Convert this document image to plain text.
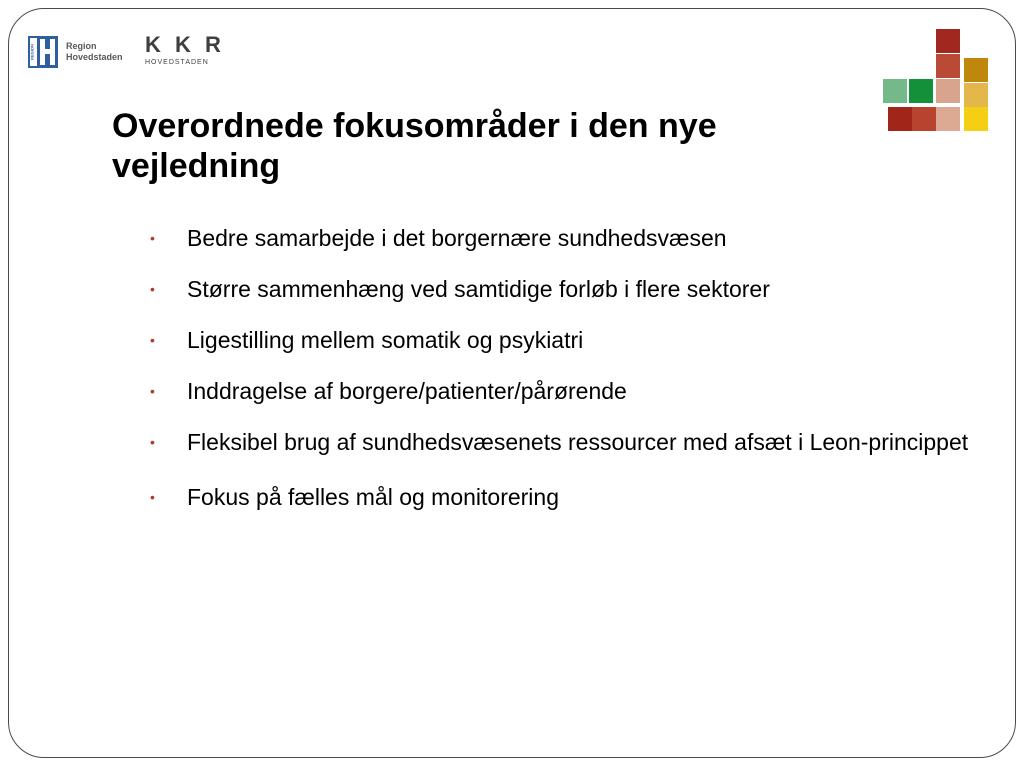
REGION	Region
Hovedstaden K K R
HOVEDSTADEN
Overordnede fokusområder i den nye vejledning
• Bedre samarbejde i det borgernære sundhedsvæsen
• Større sammenhæng ved samtidige forløb i flere sektorer
• Ligestilling mellem somatik og psykiatri
• Inddragelse af borgere/patienter/pårørende
• Fleksibel brug af sundhedsvæsenets ressourcer med afsæt i Leon-princippet
• Fokus på fælles mål og monitorering
